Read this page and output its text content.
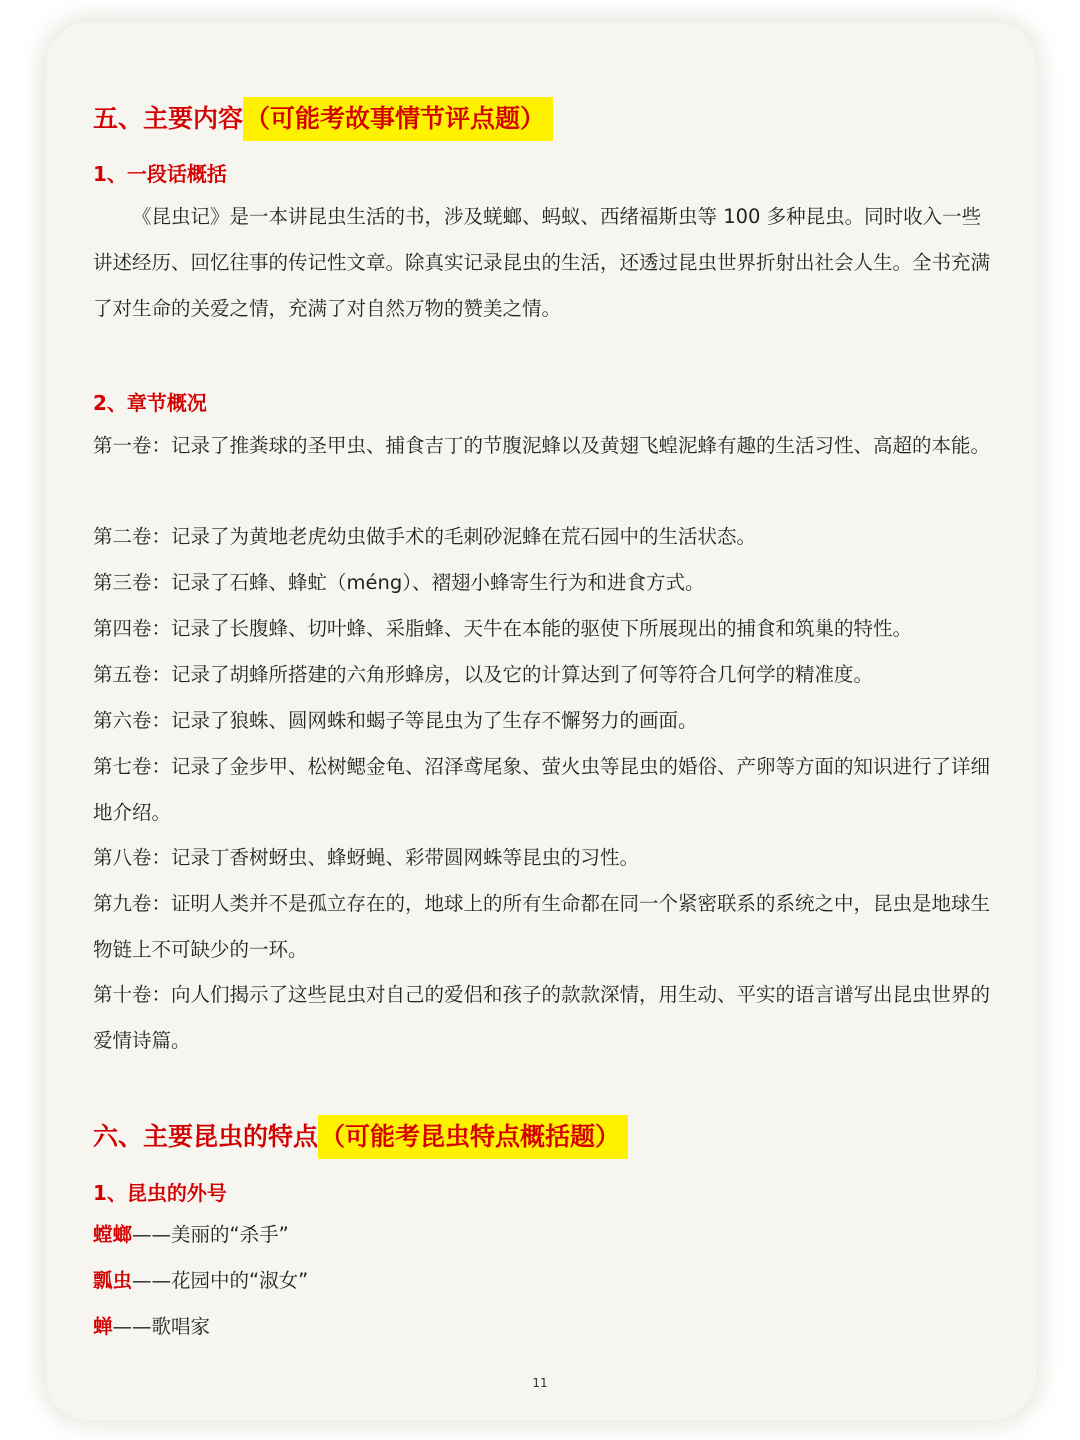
五、主要内容（可能考故事情节评点题）
1、一段话概括
《昆虫记》是一本讲昆虫生活的书，涉及蜣螂、蚂蚁、西绪福斯虫等 100 多种昆虫。同时收入一些讲述经历、回忆往事的传记性文章。除真实记录昆虫的生活，还透过昆虫世界折射出社会人生。全书充满了对生命的关爱之情，充满了对自然万物的赞美之情。
2、章节概况
第一卷：记录了推粪球的圣甲虫、捕食吉丁的节腹泥蜂以及黄翅飞蝗泥蜂有趣的生活习性、高超的本能。
第二卷：记录了为黄地老虎幼虫做手术的毛刺砂泥蜂在荒石园中的生活状态。
第三卷：记录了石蜂、蜂虻（méng）、褶翅小蜂寄生行为和进食方式。
第四卷：记录了长腹蜂、切叶蜂、采脂蜂、天牛在本能的驱使下所展现出的捕食和筑巢的特性。
第五卷：记录了胡蜂所搭建的六角形蜂房，以及它的计算达到了何等符合几何学的精准度。
第六卷：记录了狼蛛、圆网蛛和蝎子等昆虫为了生存不懈努力的画面。
第七卷：记录了金步甲、松树鳃金龟、沼泽鸢尾象、萤火虫等昆虫的婚俗、产卵等方面的知识进行了详细地介绍。
第八卷：记录丁香树蚜虫、蜂蚜蝇、彩带圆网蛛等昆虫的习性。
第九卷：证明人类并不是孤立存在的，地球上的所有生命都在同一个紧密联系的系统之中，昆虫是地球生物链上不可缺少的一环。
第十卷：向人们揭示了这些昆虫对自己的爱侣和孩子的款款深情，用生动、平实的语言谱写出昆虫世界的爱情诗篇。
六、主要昆虫的特点（可能考昆虫特点概括题）
1、昆虫的外号
螳螂——美丽的“杀手”
瓢虫——花园中的“淑女”
蝉——歌唱家
11
